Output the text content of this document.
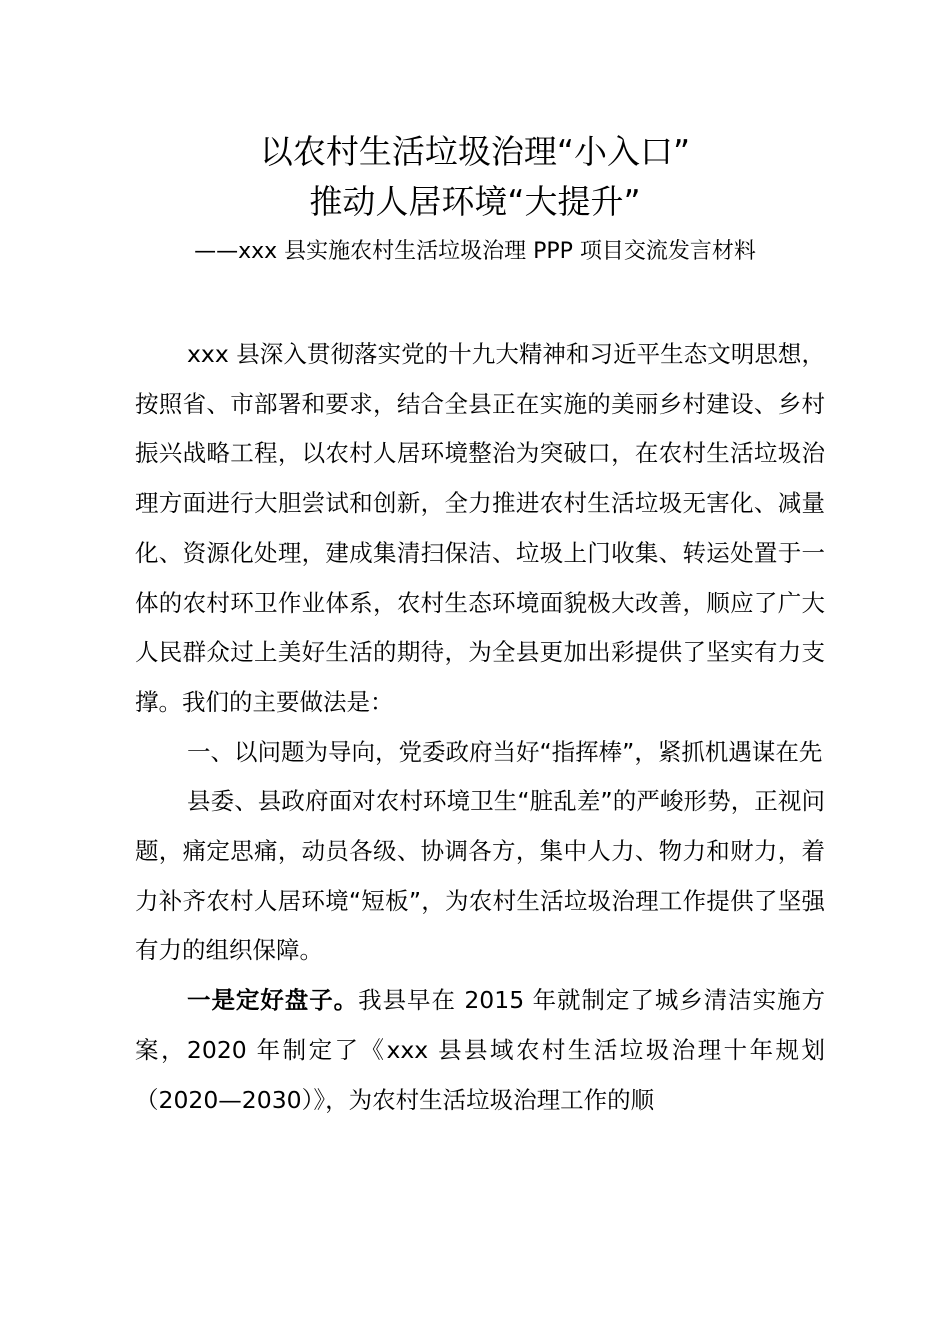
以农村生活垃圾治理“小入口”
推动人居环境“大提升”
——xxx 县实施农村生活垃圾治理 PPP 项目交流发言材料

xxx 县深入贯彻落实党的十九大精神和习近平生态文明思想，按照省、市部署和要求，结合全县正在实施的美丽乡村建设、乡村振兴战略工程，以农村人居环境整治为突破口，在农村生活垃圾治理方面进行大胆尝试和创新，全力推进农村生活垃圾无害化、减量化、资源化处理，建成集清扫保洁、垃圾上门收集、转运处置于一体的农村环卫作业体系，农村生态环境面貌极大改善，顺应了广大人民群众过上美好生活的期待，为全县更加出彩提供了坚实有力支撑。我们的主要做法是：

一、以问题为导向，党委政府当好“指挥棒”，紧抓机遇谋在先

县委、县政府面对农村环境卫生“脏乱差”的严峻形势，正视问题，痛定思痛，动员各级、协调各方，集中人力、物力和财力，着力补齐农村人居环境“短板”，为农村生活垃圾治理工作提供了坚强有力的组织保障。

一是定好盘子。我县早在 2015 年就制定了城乡清洁实施方案，2020 年制定了《xxx 县县域农村生活垃圾治理十年规划（2020—2030）》，为农村生活垃圾治理工作的顺
